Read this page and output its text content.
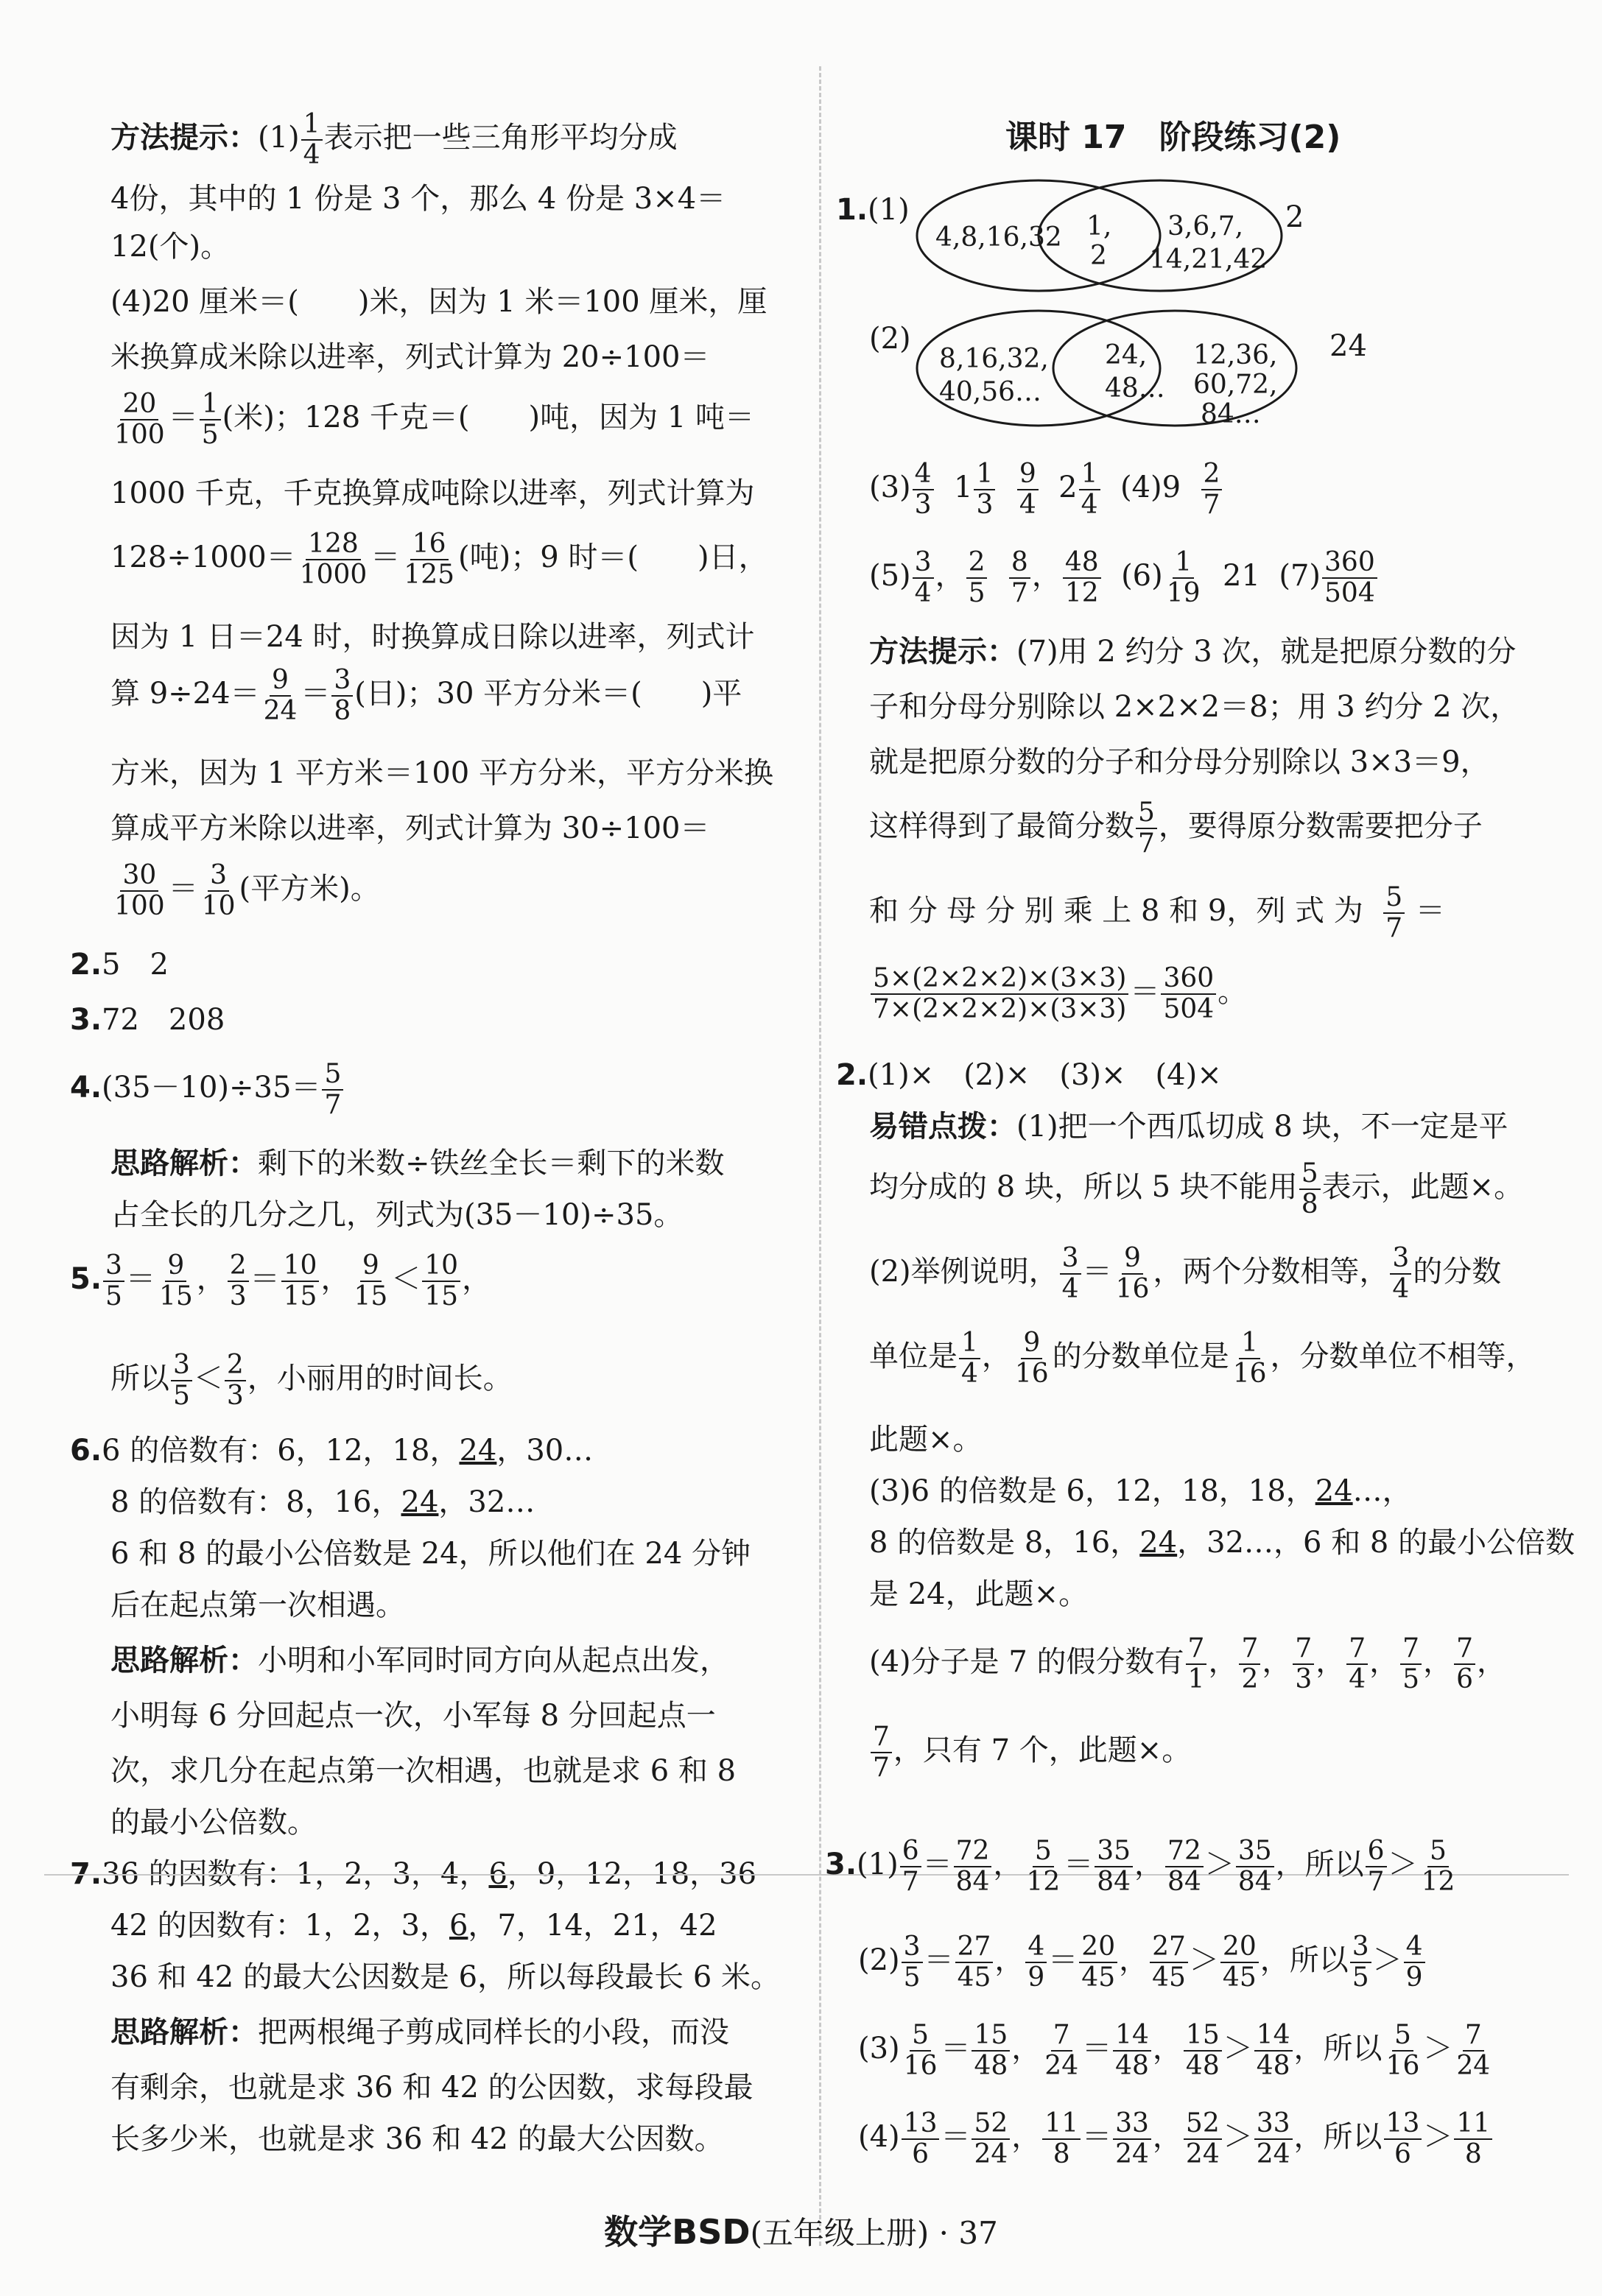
方法提示：$(1) \frac{1}{4}$ 表示把一些三角形平均分成
4份，其中的 1 份是 3 个，那么 4 份是 3×4＝
12(个)。
(4)20 厘米＝(　　)米，因为 1 米＝100 厘米，厘
米换算成米除以进率，列式计算为 20÷100＝
$\frac{20}{100} = \frac{1}{5}$ (米)；128 千克＝(　　)吨，因为 1 吨＝
1000 千克，千克换算成吨除以进率，列式计算为
$128\div 1000= \frac{128}{1000} = \frac{16}{125}$ (吨)；9 时＝(　　)日，
因为 1 日＝24 时，时换算成日除以进率，列式计
算 $9\div 24= \frac{9}{24} = \frac{3}{8}$ (日)；30 平方分米＝(　　)平
方米，因为 1 平方米＝100 平方分米，平方分米换
算成平方米除以进率，列式计算为 30÷100＝
$\frac{30}{100} = \frac{3}{10}$ (平方米)。
2.5　2
3.72　208
$4.(35-10)\div 35= \frac{5}{7}$
思路解析：剩下的米数÷铁丝全长＝剩下的米数
占全长的几分之几，列式为(35－10)÷35。
5. $\frac{3}{5} = \frac{9}{15}$ ， $\frac{2}{3} = \frac{10}{15}$ ， $\frac{9}{15} < \frac{10}{15}$ ，
所以 $\frac{3}{5} < \frac{2}{3}$ ，小丽用的时间长。
6.6 的倍数有：6，12，18，24，30…
8 的倍数有：8，16，24，32…
6 和 8 的最小公倍数是 24，所以他们在 24 分钟
后在起点第一次相遇。
思路解析：小明和小军同时同方向从起点出发，
小明每 6 分回起点一次，小军每 8 分回起点一
次，求几分在起点第一次相遇，也就是求 6 和 8
的最小公倍数。
7.36 的因数有：1，2，3，4，6，9，12，18，36
42 的因数有：1，2，3，6，7，14，21，42
36 和 42 的最大公因数是 6，所以每段最长 6 米。
思路解析：把两根绳子剪成同样长的小段，而没
有剩余，也就是求 36 和 42 的公因数，求每段最
长多少米，也就是求 36 和 42 的最大公因数。
课时 17　阶段练习(2)
1.(1)
4,8,16,32 1,
2
3,6,7,
14,21,42
2
(2)
8,16,32,
40,56…
24,
48…
12,36,
60,72,
84…
24
$(3) \frac{4}{3} 1 \frac{1}{3}$
$\frac{9}{4} 2 \frac{1}{4} (4)9 \frac{2}{7}$
$(5) \frac{3}{4}$ ， $\frac{2}{5}$
$\frac{8}{7}$ ， $\frac{48}{12} (6) \frac{1}{19} 21$ $(7) \frac{360}{504}$
方法提示：(7)用 2 约分 3 次，就是把原分数的分
子和分母分别除以 2×2×2＝8；用 3 约分 2 次，
就是把原分数的分子和分母分别除以 3×3＝9，
这样得到了最简分数 $\frac{5}{7}$ ，要得原分数需要把分子
和 分 母 分 别 乘 上 8 和 9，列 式 为 $\frac{5}{7}$ ＝
$\frac{5\times(2\times 2\times 2)\times(3\times 3)}{7\times(2\times 2\times 2)\times(3\times 3)} = \frac{360}{504}$ 。
2.(1)×　(2)×　(3)×　(4)×
易错点拨：(1)把一个西瓜切成 8 块，不一定是平
均分成的 8 块，所以 5 块不能用 $\frac{5}{8}$ 表示，此题×。
(2)举例说明， $\frac{3}{4} = \frac{9}{16}$ ，两个分数相等， $\frac{3}{4}$ 的分数
单位是 $\frac{1}{4}$ ， $\frac{9}{16}$ 的分数单位是 $\frac{1}{16}$ ，分数单位不相等，
此题×。
(3)6 的倍数是 6，12，18，18，24…，
8 的倍数是 8，16，24，32…，6 和 8 的最小公倍数
是 24，此题×。
(4)分子是 7 的假分数有 $\frac{7}{1}$ ， $\frac{7}{2}$ ， $\frac{7}{3}$ ， $\frac{7}{4}$ ， $\frac{7}{5}$ ， $\frac{7}{6}$ ，
$\frac{7}{7}$ ，只有 7 个，此题×。
$3.(1) \frac{6}{7} = \frac{72}{84}$ ， $\frac{5}{12} = \frac{35}{84}$ ， $\frac{72}{84} > \frac{35}{84}$ ，所以 $\frac{6}{7} > \frac{5}{12}$
$(2) \frac{3}{5} = \frac{27}{45}$ ， $\frac{4}{9} = \frac{20}{45}$ ， $\frac{27}{45} > \frac{20}{45}$ ，所以 $\frac{3}{5} > \frac{4}{9}$
$(3) \frac{5}{16} = \frac{15}{48}$ ， $\frac{7}{24} = \frac{14}{48}$ ， $\frac{15}{48} > \frac{14}{48}$ ，所以 $\frac{5}{16} > \frac{7}{24}$
$(4) \frac{13}{6} = \frac{52}{24}$ ， $\frac{11}{8} = \frac{33}{24}$ ， $\frac{52}{24} > \frac{33}{24}$ ，所以 $\frac{13}{6} > \frac{11}{8}$
数学BSD(五年级上册) · 37
